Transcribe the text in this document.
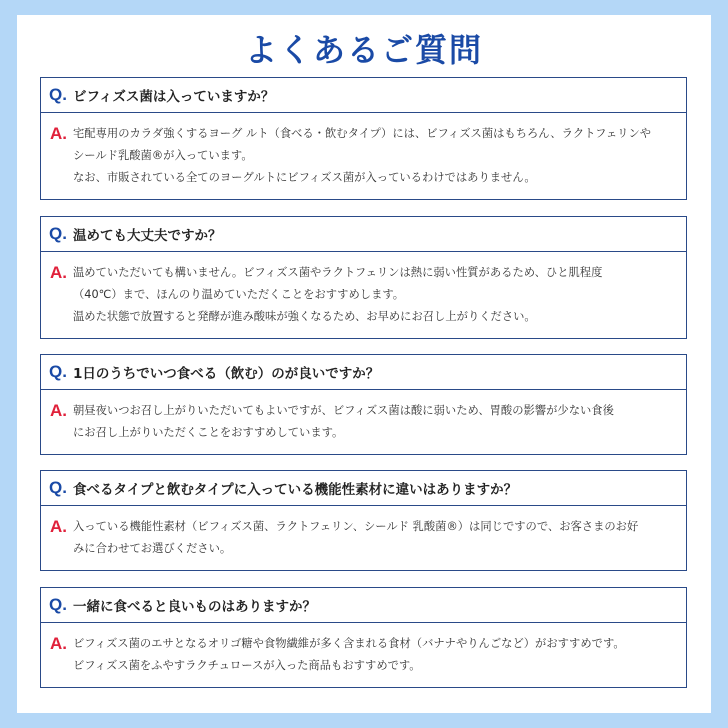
よくあるご質問
Q. ビフィズス菌は入っていますか？
A. 宅配専用のカラダ強くするヨーグ ルト（食べる・飲むタイプ）には、ビフィズス菌はもちろん、ラクトフェリンや
シールド乳酸菌®が入っています。
なお、市販されている全てのヨーグルトにビフィズス菌が入っているわけではありません。
Q. 温めても大丈夫ですか？
A. 温めていただいても構いません。ビフィズス菌やラクトフェリンは熱に弱い性質があるため、ひと肌程度
（40℃）まで、ほんのり温めていただくことをおすすめします。
温めた状態で放置すると発酵が進み酸味が強くなるため、お早めにお召し上がりください。
Q. 1日のうちでいつ食べる（飲む）のが良いですか？
A. 朝昼夜いつお召し上がりいただいてもよいですが、ビフィズス菌は酸に弱いため、胃酸の影響が少ない食後
にお召し上がりいただくことをおすすめしています。
Q. 食べるタイプと飲むタイプに入っている機能性素材に違いはありますか？
A. 入っている機能性素材（ビフィズス菌、ラクトフェリン、シールド 乳酸菌®）は同じですので、お客さまのお好
みに合わせてお選びください。
Q. 一緒に食べると良いものはありますか？
A. ビフィズス菌のエサとなるオリゴ糖や食物繊維が多く含まれる食材（バナナやりんごなど）がおすすめです。
ビフィズス菌をふやすラクチュロースが入った商品もおすすめです。
